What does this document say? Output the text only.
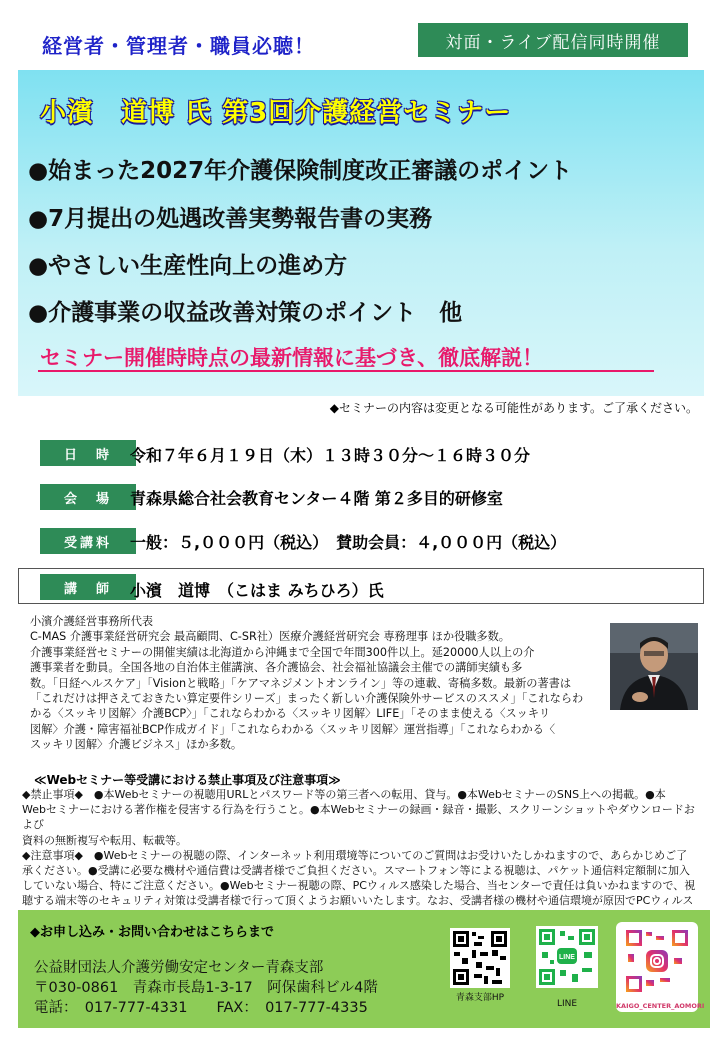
経営者・管理者・職員必聴！	対面・ライブ配信同時開催
小濱　道博 氏 第3回介護経営セミナー
●始まった2027年介護保険制度改正審議のポイント
●7月提出の処遇改善実勢報告書の実務
●やさしい生産性向上の進め方
●介護事業の収益改善対策のポイント　他
セミナー開催時時点の最新情報に基づき、徹底解説！
◆セミナーの内容は変更となる可能性があります。ご了承ください。
日　時	令和７年６月１９日（木）１３時３０分～１６時３０分
会　場	青森県総合社会教育センター４階 第２多目的研修室
受講料	一般：５,０００円（税込）　賛助会員：４,０００円（税込）
講　師	小濱　道博　（こはま みちひろ）氏
小濱介護経営事務所代表
C-MAS 介護事業経営研究会 最高顧問、C-SR社）医療介護経営研究会 専務理事 ほか役職多数。
介護事業経営セミナーの開催実績は北海道から沖縄まで全国で年間300件以上。延20000人以上の介
護事業者を動員。全国各地の自治体主催講演、各介護協会、社会福祉協議会主催での講師実績も多
数。「日経ヘルスケア」「Visionと戦略」「ケアマネジメントオンライン」等の連載、寄稿多数。最新の著書は
「これだけは押さえておきたい算定要件シリーズ」まったく新しい介護保険外サービスのススメ」「これならわ
かる〈スッキリ図解〉介護BCP〉」「これならわかる〈スッキリ図解〉LIFE」「そのまま使える〈スッキリ
図解〉介護・障害福祉BCP作成ガイド」「これならわかる〈スッキリ図解〉運営指導」「これならわかる〈
スッキリ図解〉介護ビジネス」ほか多数。
≪Webセミナー等受講における禁止事項及び注意事項≫
◆禁止事項◆　●本Webセミナーの視聴用URLとパスワード等の第三者への転用、貸与。●本WebセミナーのSNS上への掲載。●本
Webセミナーにおける著作権を侵害する行為を行うこと。●本Webセミナーの録画・録音・撮影、スクリーンショットやダウンロードおよび
資料の無断複写や転用、転載等。
◆注意事項◆　●Webセミナーの視聴の際、インターネット利用環境等についてのご質問はお受けいたしかねますので、あらかじめご了
承ください。●受講に必要な機材や通信費は受講者様でご負担ください。スマートフォン等による視聴は、パケット通信料定額制に加入
していない場合、特にご注意ください。●Webセミナー視聴の際、PCウィルス感染した場合、当センターで責任は負いかねますので、視
聴する端末等のセキュリティ対策は受講者様で行って頂くようお願いいたします。なお、受講者様の機材や通信環境が原因でPCウィルス
◆お申し込み・お問い合わせはこちらまで
公益財団法人介護労働安定センター青森支部
〒030-0861　青森市長島1-3-17　阿保歯科ビル4階
電話：　017-777-4331　　FAX：　017-777-4335
青森支部HP
LINE
LINE	KAIGO_CENTER_AOMORI
